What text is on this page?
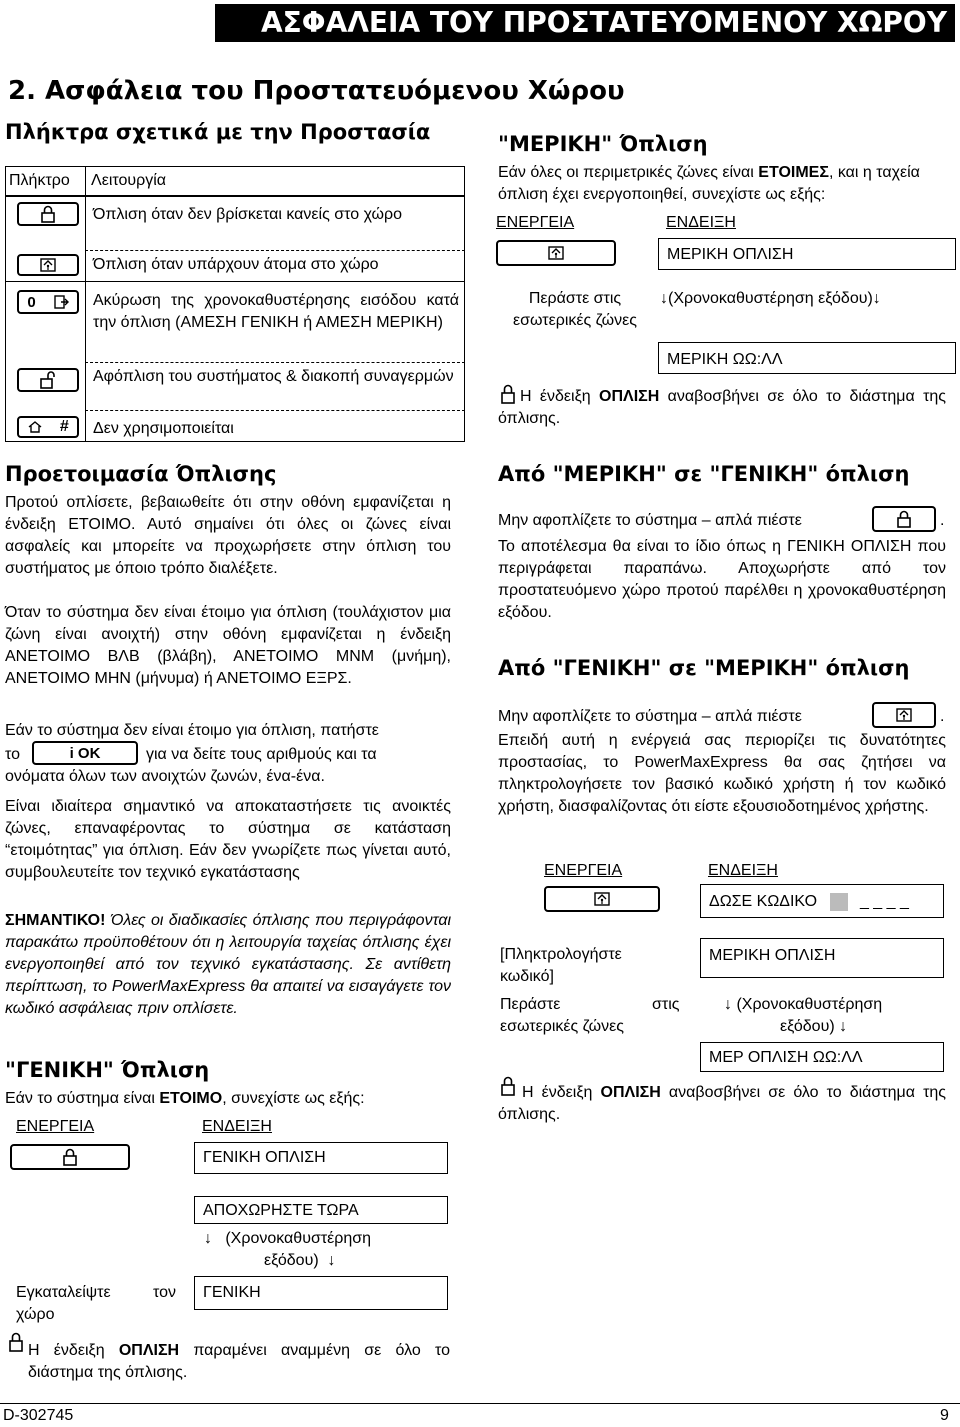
ΑΣΦΑΛΕΙΑ ΤΟΥ ΠΡΟΣΤΑΤΕΥΟΜΕΝΟΥ ΧΩΡΟΥ
2. Ασφάλεια του Προστατευόμενου Χώρου
Πλήκτρα σχετικά με την Προστασία
Πλήκτρο Λειτουργία
Όπλιση όταν δεν βρίσκεται κανείς στο χώρο
Όπλιση όταν υπάρχουν άτομα στο χώρο
0	Ακύρωση της χρονοκαθυστέρησης εισόδου κατά την όπλιση (ΑΜΕΣΗ ΓΕΝΙΚΗ ή ΑΜΕΣΗ ΜΕΡΙΚΗ)
Αφόπλιση του συστήματος & διακοπή συναγερμών
# Δεν χρησιμοποιείται
Προετοιμασία Όπλισης
Προτού οπλίσετε, βεβαιωθείτε ότι στην οθόνη εμφανίζεται η ένδειξη ΕΤΟΙΜΟ. Αυτό σημαίνει ότι όλες οι ζώνες είναι ασφαλείς και μπορείτε να προχωρήσετε στην όπλιση του συστήματος με όποιο τρόπο διαλέξετε.
Όταν το σύστημα δεν είναι έτοιμο για όπλιση (τουλάχιστον μια ζώνη είναι ανοιχτή) στην οθόνη εμφανίζεται η ένδειξη ΑΝΕΤΟΙΜΟ ΒΛΒ (βλάβη), ΑΝΕΤΟΙΜΟ ΜΝΜ (μνήμη), ΑΝΕΤΟΙΜΟ ΜΗΝ (μήνυμα) ή ΑΝΕΤΟΙΜΟ ΕΞΡΣ.
Εάν το σύστημα δεν είναι έτοιμο για όπλιση, πατήστε
το	i OK	για να δείτε τους αριθμούς και τα
ονόματα όλων των ανοιχτών ζωνών, ένα-ένα.
Είναι ιδιαίτερα σημαντικό να αποκαταστήσετε τις ανοικτές ζώνες, επαναφέροντας το σύστημα σε κατάσταση “ετοιμότητας” για όπλιση. Εάν δεν γνωρίζετε πως γίνεται αυτό, συμβουλευτείτε τον τεχνικό εγκατάστασης
ΣΗΜΑΝΤΙΚΟ! Όλες οι διαδικασίες όπλισης που περιγράφονται παρακάτω προϋποθέτουν ότι η λειτουργία ταχείας όπλισης έχει ενεργοποιηθεί από τον τεχνικό εγκατάστασης. Σε αντίθετη περίπτωση, το PowerMaxExpress θα απαιτεί να εισαγάγετε τον κωδικό ασφάλειας πριν οπλίσετε.
"ΓΕΝΙΚΗ" Όπλιση
Εάν το σύστημα είναι ΕΤΟΙΜΟ, συνεχίστε ως εξής:
ΕΝΕΡΓΕΙΑ	ΕΝΔΕΙΞΗ
ΓΕΝΙΚΗ ΟΠΛΙΣΗ
ΑΠΟΧΩΡΗΣΤΕ ΤΩΡΑ
↓ (Χρονοκαθυστέρηση
εξόδου) ↓
Εγκαταλείψτε τον χώρο
ΓΕΝΙΚΗ
Η ένδειξη ΟΠΛΙΣΗ παραμένει αναμμένη σε όλο το διάστημα της όπλισης.
D-302745	9
"ΜΕΡΙΚΗ" Όπλιση
Εάν όλες οι περιμετρικές ζώνες είναι ΕΤΟΙΜΕΣ, και η ταχεία όπλιση έχει ενεργοποιηθεί, συνεχίστε ως εξής:
ΕΝΕΡΓΕΙΑ	ΕΝΔΕΙΞΗ
ΜΕΡΙΚΗ ΟΠΛΙΣΗ
Περάστε στις εσωτερικές ζώνες
↓(Χρονοκαθυστέρηση εξόδου)↓
ΜΕΡΙΚΗ ΩΩ:ΛΛ
Η ένδειξη ΟΠΛΙΣΗ αναβοσβήνει σε όλο το διάστημα της όπλισης.
Από "ΜΕΡΙΚΗ" σε "ΓΕΝΙΚΗ" όπλιση
Μην αφοπλίζετε το σύστημα – απλά πιέστε	.
Το αποτέλεσμα θα είναι το ίδιο όπως η ΓΕΝΙΚΗ ΟΠΛΙΣΗ που περιγράφεται παραπάνω. Αποχωρήστε από τον προστατευόμενο χώρο προτού παρέλθει η χρονοκαθυστέρηση εξόδου.
Από "ΓΕΝΙΚΗ" σε "ΜΕΡΙΚΗ" όπλιση
Μην αφοπλίζετε το σύστημα – απλά πιέστε	.
Επειδή αυτή η ενέργειά σας περιορίζει τις δυνατότητες προστασίας, το PowerMaxExpress θα σας ζητήσει να πληκτρολογήσετε τον βασικό κωδικό χρήστη ή τον κωδικό χρήστη, διασφαλίζοντας ότι είστε εξουσιοδοτημένος χρήστης.
ΕΝΕΡΓΕΙΑ	ΕΝΔΕΙΞΗ
ΔΩΣΕ ΚΩΔΙΚΟ	_ _ _ _
[Πληκτρολογήστε κωδικό]
ΜΕΡΙΚΗ ΟΠΛΙΣΗ
Περάστε	στις
εσωτερικές ζώνες
↓ (Χρονοκαθυστέρηση
εξόδου) ↓
ΜΕΡ ΟΠΛΙΣΗ ΩΩ:ΛΛ
Η ένδειξη ΟΠΛΙΣΗ αναβοσβήνει σε όλο το διάστημα της όπλισης.
